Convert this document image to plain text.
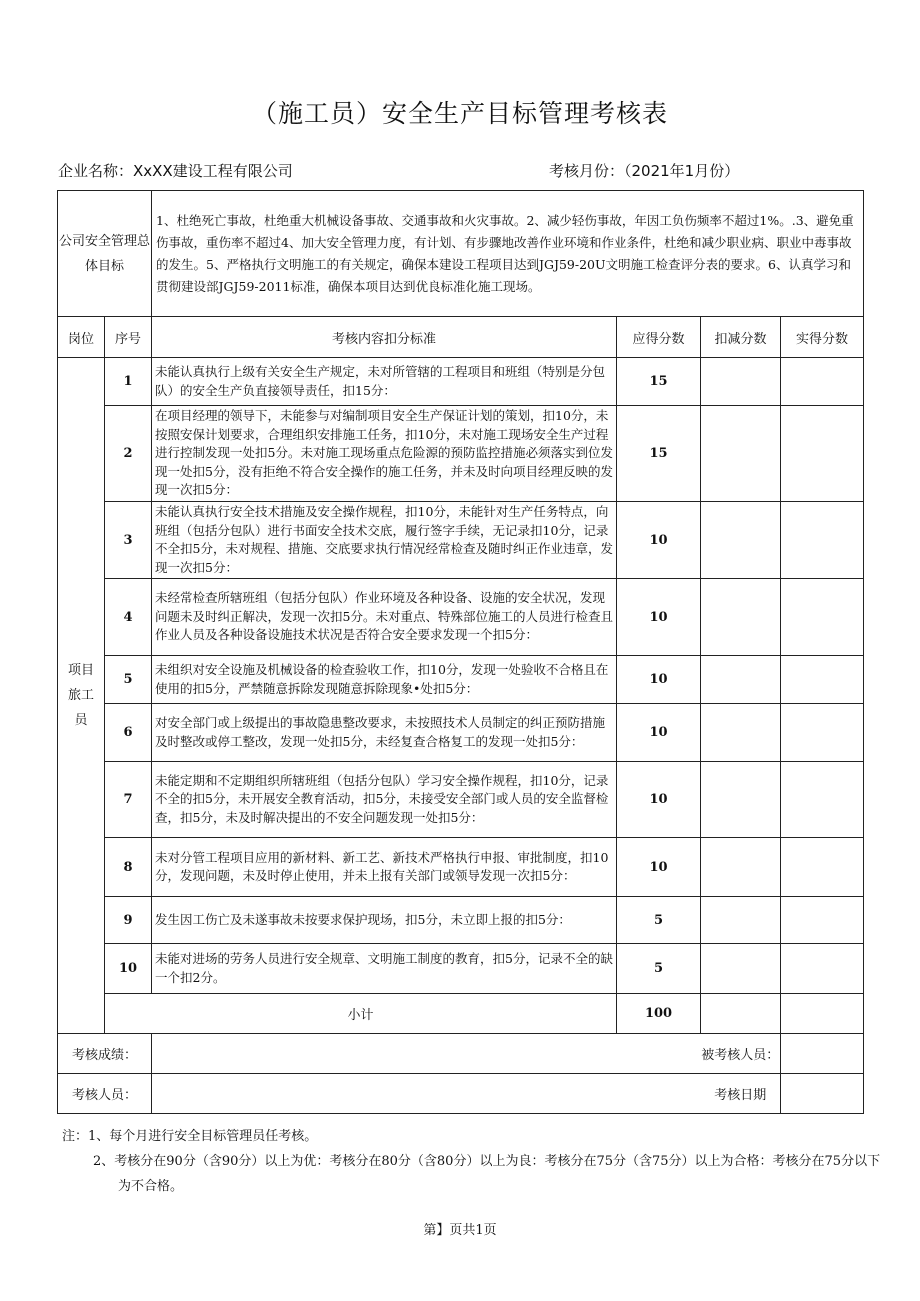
（施工员）安全生产目标管理考核表
企业名称：XxXX建设工程有限公司	考核月份：（2021年1月份）
公司安全管理总体目标		1、杜绝死亡事故，杜绝重大机械设备事故、交通事故和火灾事故。2、减少轻伤事故，年因工负伤频率不超过1%。.3、避免重伤事故，重伤率不超过4、加大安全管理力度，有计划、有步骤地改善作业环境和作业条件，杜绝和减少职业病、职业中毒事故的发生。5、严格执行文明施工的有关规定，确保本建设工程项目达到JGJ59-20U文明施工检查评分表的要求。6、认真学习和贯彻建设部JGJ59-2011标准，确保本项目达到优良标准化施工现场。			
岗位	序号	考核内容扣分标准	应得分数	扣减分数	实得分数

项目旅工员	1	未能认真执行上级有关安全生产规定，未对所管辖的工程项目和班组（特别是分包队）的安全生产负直接领导责任，扣15分：	15		
	2	在项目经理的领导下，未能参与对编制项目安全生产保证计划的策划，扣10分，未按照安保计划要求，合理组织安排施工任务，扣10分，未对施工现场安全生产过程进行控制发现一处扣5分。未对施工现场重点危险源的预防监控措施必须落实到位发现一处扣5分，没有拒绝不符合安全操作的施工任务，并未及时向项目经理反映的发现一次扣5分：	15		
	3	未能认真执行安全技术措施及安全操作规程，扣10分，未能针对生产任务特点，向班组（包括分包队）进行书面安全技术交底，履行签字手续，无记录扣10分，记录不全扣5分，未对规程、措施、交底要求执行情况经常检查及随时纠正作业违章，发现一次扣5分：	10		
	4	未经常检查所辖班组（包括分包队）作业环境及各种设备、设施的安全状况，发现问题未及时纠正解决，发现一次扣5分。未对重点、特殊部位施工的人员进行检查且作业人员及各种设备设施技术状况是否符合安全要求发现一个扣5分：	10		
	5	未组织对安全设施及机械设备的检查验收工作，扣10分，发现一处验收不合格且在使用的扣5分，严禁随意拆除发现随意拆除现象•处扣5分：	10		
	6	对安全部门或上级提出的事故隐患整改要求，未按照技术人员制定的纠正预防措施及时整改或停工整改，发现一处扣5分，未经复查合格复工的发现一处扣5分：	10		
	7	未能定期和不定期组织所辖班组（包括分包队）学习安全操作规程，扣10分，记录不全的扣5分，未开展安全教育活动，扣5分，未接受安全部门或人员的安全监督检查，扣5分，未及时解决提出的不安全问题发现一处扣5分：	10		
	8	未对分管工程项目应用的新材料、新工艺、新技术严格执行申报、审批制度，扣10分，发现问题，未及时停止使用，并未上报有关部门或领导发现一次扣5分：	10		
	9	发生因工伤亡及未遂事故未按要求保护现场，扣5分，未立即上报的扣5分：	5		
	10	未能对进场的劳务人员进行安全规章、文明施工制度的教育，扣5分，记录不全的缺一个扣2分。	5		
	小计		100		
考核成绩：				被考核人员：	
考核人员：				考核日期	
注：1、每个月进行安全目标管理员任考核。
2、考核分在90分（含90分）以上为优：考核分在80分（含80分）以上为良：考核分在75分（含75分）以上为合格：考核分在75分以下为不合格。
第】页共1页
